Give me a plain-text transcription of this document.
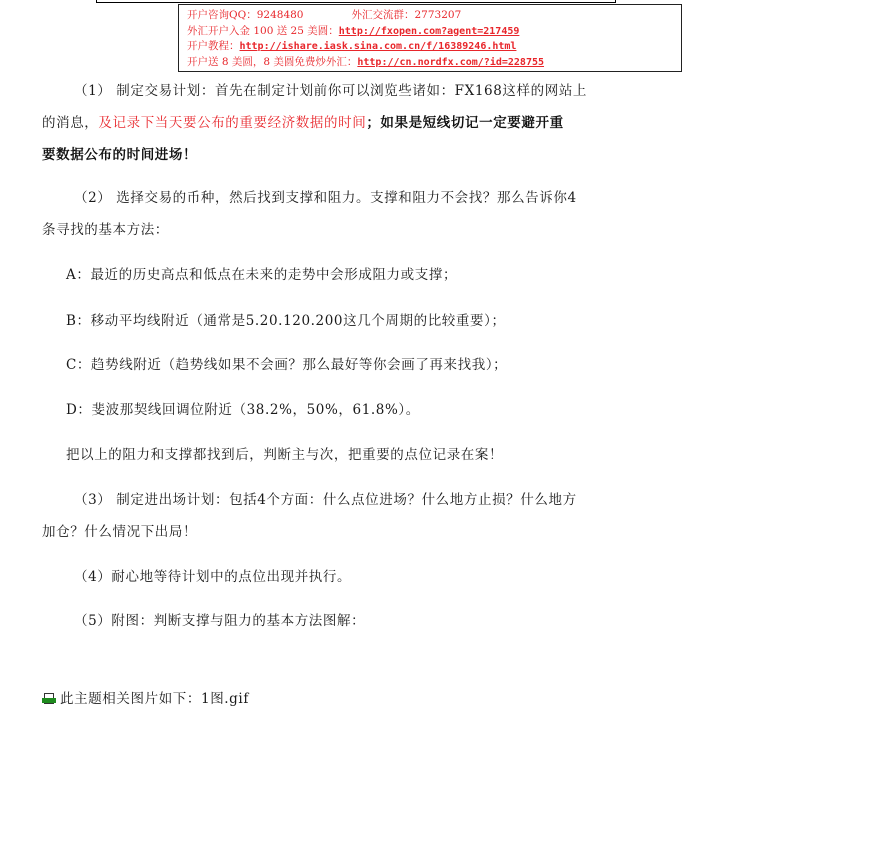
开户咨询QQ：9248480	外汇交流群：2773207
外汇开户入金 100 送 25 美圆：http://fxopen.com?agent=217459
开户教程：http://ishare.iask.sina.com.cn/f/16389246.html
开户送 8 美圆，8 美圆免费炒外汇：http://cn.nordfx.com/?id=228755
（1） 制定交易计划：首先在制定计划前你可以浏览些诸如：FX168这样的网站上
的消息，及记录下当天要公布的重要经济数据的时间；如果是短线切记一定要避开重
要数据公布的时间进场！
（2） 选择交易的币种，然后找到支撑和阻力。支撑和阻力不会找？那么告诉你4
条寻找的基本方法：
A：最近的历史高点和低点在未来的走势中会形成阻力或支撑；
B：移动平均线附近（通常是5.20.120.200这几个周期的比较重要）；
C：趋势线附近（趋势线如果不会画？那么最好等你会画了再来找我）；
D：斐波那契线回调位附近（38.2%，50%，61.8%）。
把以上的阻力和支撑都找到后，判断主与次，把重要的点位记录在案！
（3） 制定进出场计划：包括4个方面：什么点位进场？什么地方止损？什么地方
加仓？什么情况下出局！
（4）耐心地等待计划中的点位出现并执行。
（5）附图：判断支撑与阻力的基本方法图解：
此主题相关图片如下：1图.gif
